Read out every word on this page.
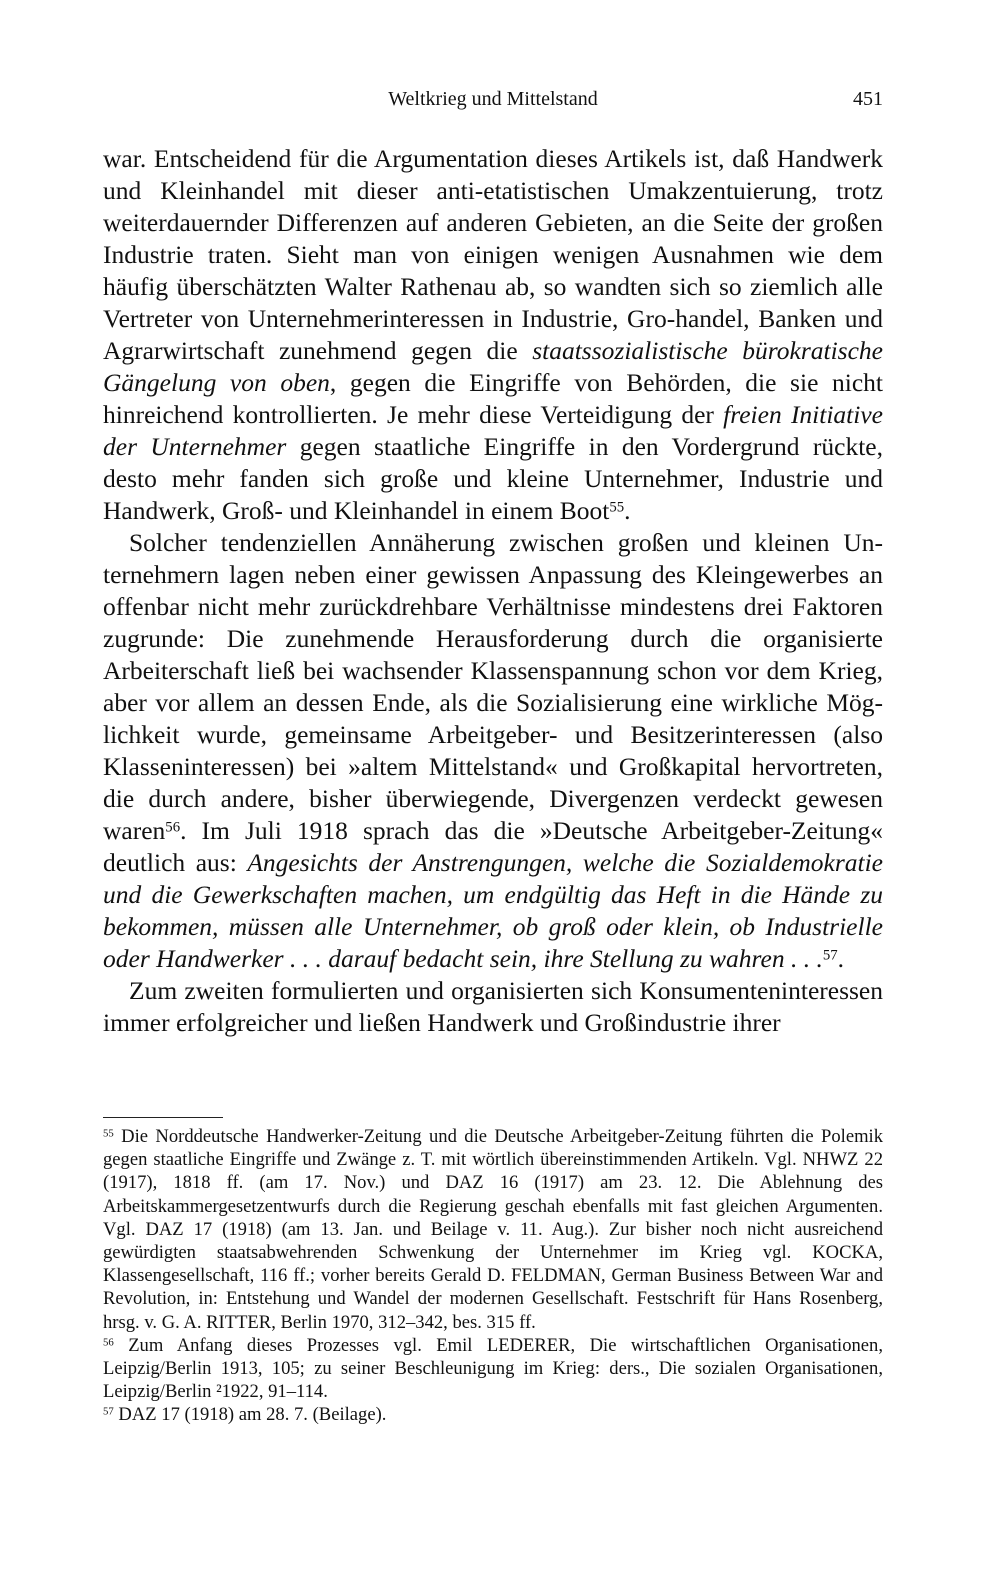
Weltkrieg und Mittelstand	451

war. Entscheidend für die Argumentation dieses Artikels ist, daß Handwerk und Kleinhandel mit dieser anti-etatistischen Umakzentuierung, trotz weiterdauernder Differenzen auf anderen Gebieten, an die Seite der großen Industrie traten. Sieht man von einigen wenigen Ausnahmen wie dem häufig überschätzten Walter Rathenau ab, so wandten sich so ziemlich alle Vertreter von Unternehmerinteressen in Industrie, Gro-handel, Banken und Agrarwirtschaft zunehmend gegen die staatssozialistische bürokratische Gängelung von oben, gegen die Eingriffe von Behörden, die sie nicht hinreichend kontrollierten. Je mehr diese Verteidigung der freien Initiative der Unternehmer gegen staatliche Eingriffe in den Vordergrund rückte, desto mehr fanden sich große und kleine Unternehmer, Industrie und Handwerk, Groß- und Kleinhandel in einem Boot$^{55}$.

Solcher tendenziellen Annäherung zwischen großen und kleinen Unternehmern lagen neben einer gewissen Anpassung des Kleingewerbes an offenbar nicht mehr zurückdrehbare Verhältnisse mindestens drei Faktoren zugrunde: Die zunehmende Herausforderung durch die organisierte Arbeiterschaft ließ bei wachsender Klassenspannung schon vor dem Krieg, aber vor allem an dessen Ende, als die Sozialisierung eine wirkliche Möglichkeit wurde, gemeinsame Arbeitgeber- und Besitzerinteressen (also Klasseninteressen) bei »altem Mittelstand« und Großkapital hervortreten, die durch andere, bisher überwiegende, Divergenzen verdeckt gewesen waren$^{56}$. Im Juli 1918 sprach das die »Deutsche Arbeitgeber-Zeitung« deutlich aus: Angesichts der Anstrengungen, welche die Sozialdemokratie und die Gewerkschaften machen, um endgültig das Heft in die Hände zu bekommen, müssen alle Unternehmer, ob groß oder klein, ob Industrielle oder Handwerker . . . darauf bedacht sein, ihre Stellung zu wahren . . .$^{57}$.

Zum zweiten formulierten und organisierten sich Konsumenteninteressen immer erfolgreicher und ließen Handwerk und Großindustrie ihrer

$^{55}$ Die Norddeutsche Handwerker-Zeitung und die Deutsche Arbeitgeber-Zeitung führten die Polemik gegen staatliche Eingriffe und Zwänge z. T. mit wörtlich übereinstimmenden Artikeln. Vgl. NHWZ 22 (1917), 1818 ff. (am 17. Nov.) und DAZ 16 (1917) am 23. 12. Die Ablehnung des Arbeitskammergesetzentwurfs durch die Regierung geschah ebenfalls mit fast gleichen Argumenten. Vgl. DAZ 17 (1918) (am 13. Jan. und Beilage v. 11. Aug.). Zur bisher noch nicht ausreichend gewürdigten staatsabwehrenden Schwenkung der Unternehmer im Krieg vgl. KOCKA, Klassengesellschaft, 116 ff.; vorher bereits Gerald D. FELDMAN, German Business Between War and Revolution, in: Entstehung und Wandel der modernen Gesellschaft. Festschrift für Hans Rosenberg, hrsg. v. G. A. RITTER, Berlin 1970, 312–342, bes. 315 ff.

$^{56}$ Zum Anfang dieses Prozesses vgl. Emil LEDERER, Die wirtschaftlichen Organisationen, Leipzig/Berlin 1913, 105; zu seiner Beschleunigung im Krieg: ders., Die sozialen Organisationen, Leipzig/Berlin ²1922, 91–114.

$^{57}$ DAZ 17 (1918) am 28. 7. (Beilage).
